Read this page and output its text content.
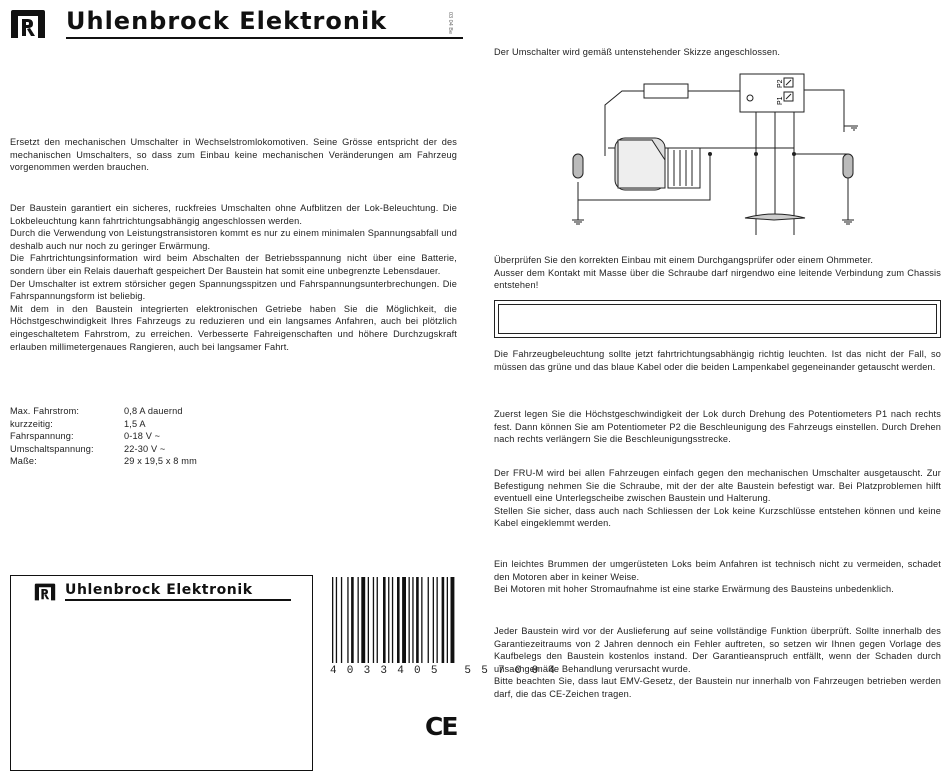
Uhlenbrock Elektronik	03 04 Be

Ersetzt den mechanischen Umschalter in Wechselstromlokomotiven. Seine Grösse entspricht der des mechanischen Umschalters, so dass zum Einbau keine mechanischen Veränderungen am Fahrzeug vorgenommen werden brauchen.

Der Baustein garantiert ein sicheres, ruckfreies Umschalten ohne Aufblitzen der Lok-Beleuchtung. Die Lokbeleuchtung kann fahrtrichtungsabhängig angeschlossen werden.

Durch die Verwendung von Leistungstransistoren kommt es nur zu einem minimalen Spannungsabfall und deshalb auch nur noch zu geringer Erwärmung.

Die Fahrtrichtungsinformation wird beim Abschalten der Betriebsspannung nicht über eine Batterie, sondern über ein Relais dauerhaft gespeichert Der Baustein hat somit eine unbegrenzte Lebensdauer.

Der Umschalter ist extrem störsicher gegen Spannungsspitzen und Fahrspannungsunterbrechungen. Die Fahrspannungsform ist beliebig.

Mit dem in den Baustein integrierten elektronischen Getriebe haben Sie die Möglichkeit, die Höchstgeschwindigkeit Ihres Fahrzeugs zu reduzieren und ein langsames Anfahren, auch bei plötzlich eingeschaltetem Fahrstrom, zu erreichen. Verbesserte Fahreigenschaften und höhere Durchzugskraft erlauben millimetergenaues Rangieren, auch bei langsamer Fahrt.

Max. Fahrstrom:	0,8 A dauernd
kurzzeitig:	1,5 A
Fahrspannung:	0-18 V ~
Umschaltspannung:	22-30 V ~
Maße:	29 x 19,5 x 8 mm
Uhlenbrock Elektronik
4 0 3 3 4 0 5   5 5 7 0 0 4
CE
Der Umschalter wird gemäß untenstehender Skizze angeschlossen.
P1
P2

Überprüfen Sie den korrekten Einbau mit einem Durchgangsprüfer oder einem Ohmmeter.

Ausser dem Kontakt mit Masse über die Schraube darf nirgendwo eine leitende Verbindung zum Chassis entstehen!

Die Fahrzeugbeleuchtung sollte jetzt fahrtrichtungsabhängig richtig leuchten. Ist das nicht der Fall, so müssen das grüne und das blaue Kabel oder die beiden Lampenkabel gegeneinander getauscht werden.

Zuerst legen Sie die Höchstgeschwindigkeit der Lok durch Drehung des Potentiometers P1 nach rechts fest. Dann können Sie am Potentiometer P2 die Beschleunigung des Fahrzeugs einstellen. Durch Drehen nach rechts verlängern Sie die Beschleunigungsstrecke.

Der FRU-M wird bei allen Fahrzeugen einfach gegen den mechanischen Umschalter ausgetauscht. Zur Befestigung nehmen Sie die Schraube, mit der der alte Baustein befestigt war. Bei Platzproblemen hilft eventuell eine Unterlegscheibe zwischen Baustein und Halterung.

Stellen Sie sicher, dass auch nach Schliessen der Lok keine Kurzschlüsse entstehen können und keine Kabel eingeklemmt werden.

Ein leichtes Brummen der umgerüsteten Loks beim Anfahren ist technisch nicht zu vermeiden, schadet den Motoren aber in keiner Weise.

Bei Motoren mit hoher Stromaufnahme ist eine starke Erwärmung des Bausteins unbedenklich.

Jeder Baustein wird vor der Auslieferung auf seine vollständige Funktion überprüft. Sollte innerhalb des Garantiezeitraums von 2 Jahren dennoch ein Fehler auftreten, so setzen wir Ihnen gegen Vorlage des Kaufbelegs den Baustein kostenlos instand. Der Garantieanspruch entfällt, wenn der Schaden durch unsachgemäße Behandlung verursacht wurde.

Bitte beachten Sie, dass laut EMV-Gesetz, der Baustein nur innerhalb von Fahrzeugen betrieben werden darf, die das CE-Zeichen tragen.
